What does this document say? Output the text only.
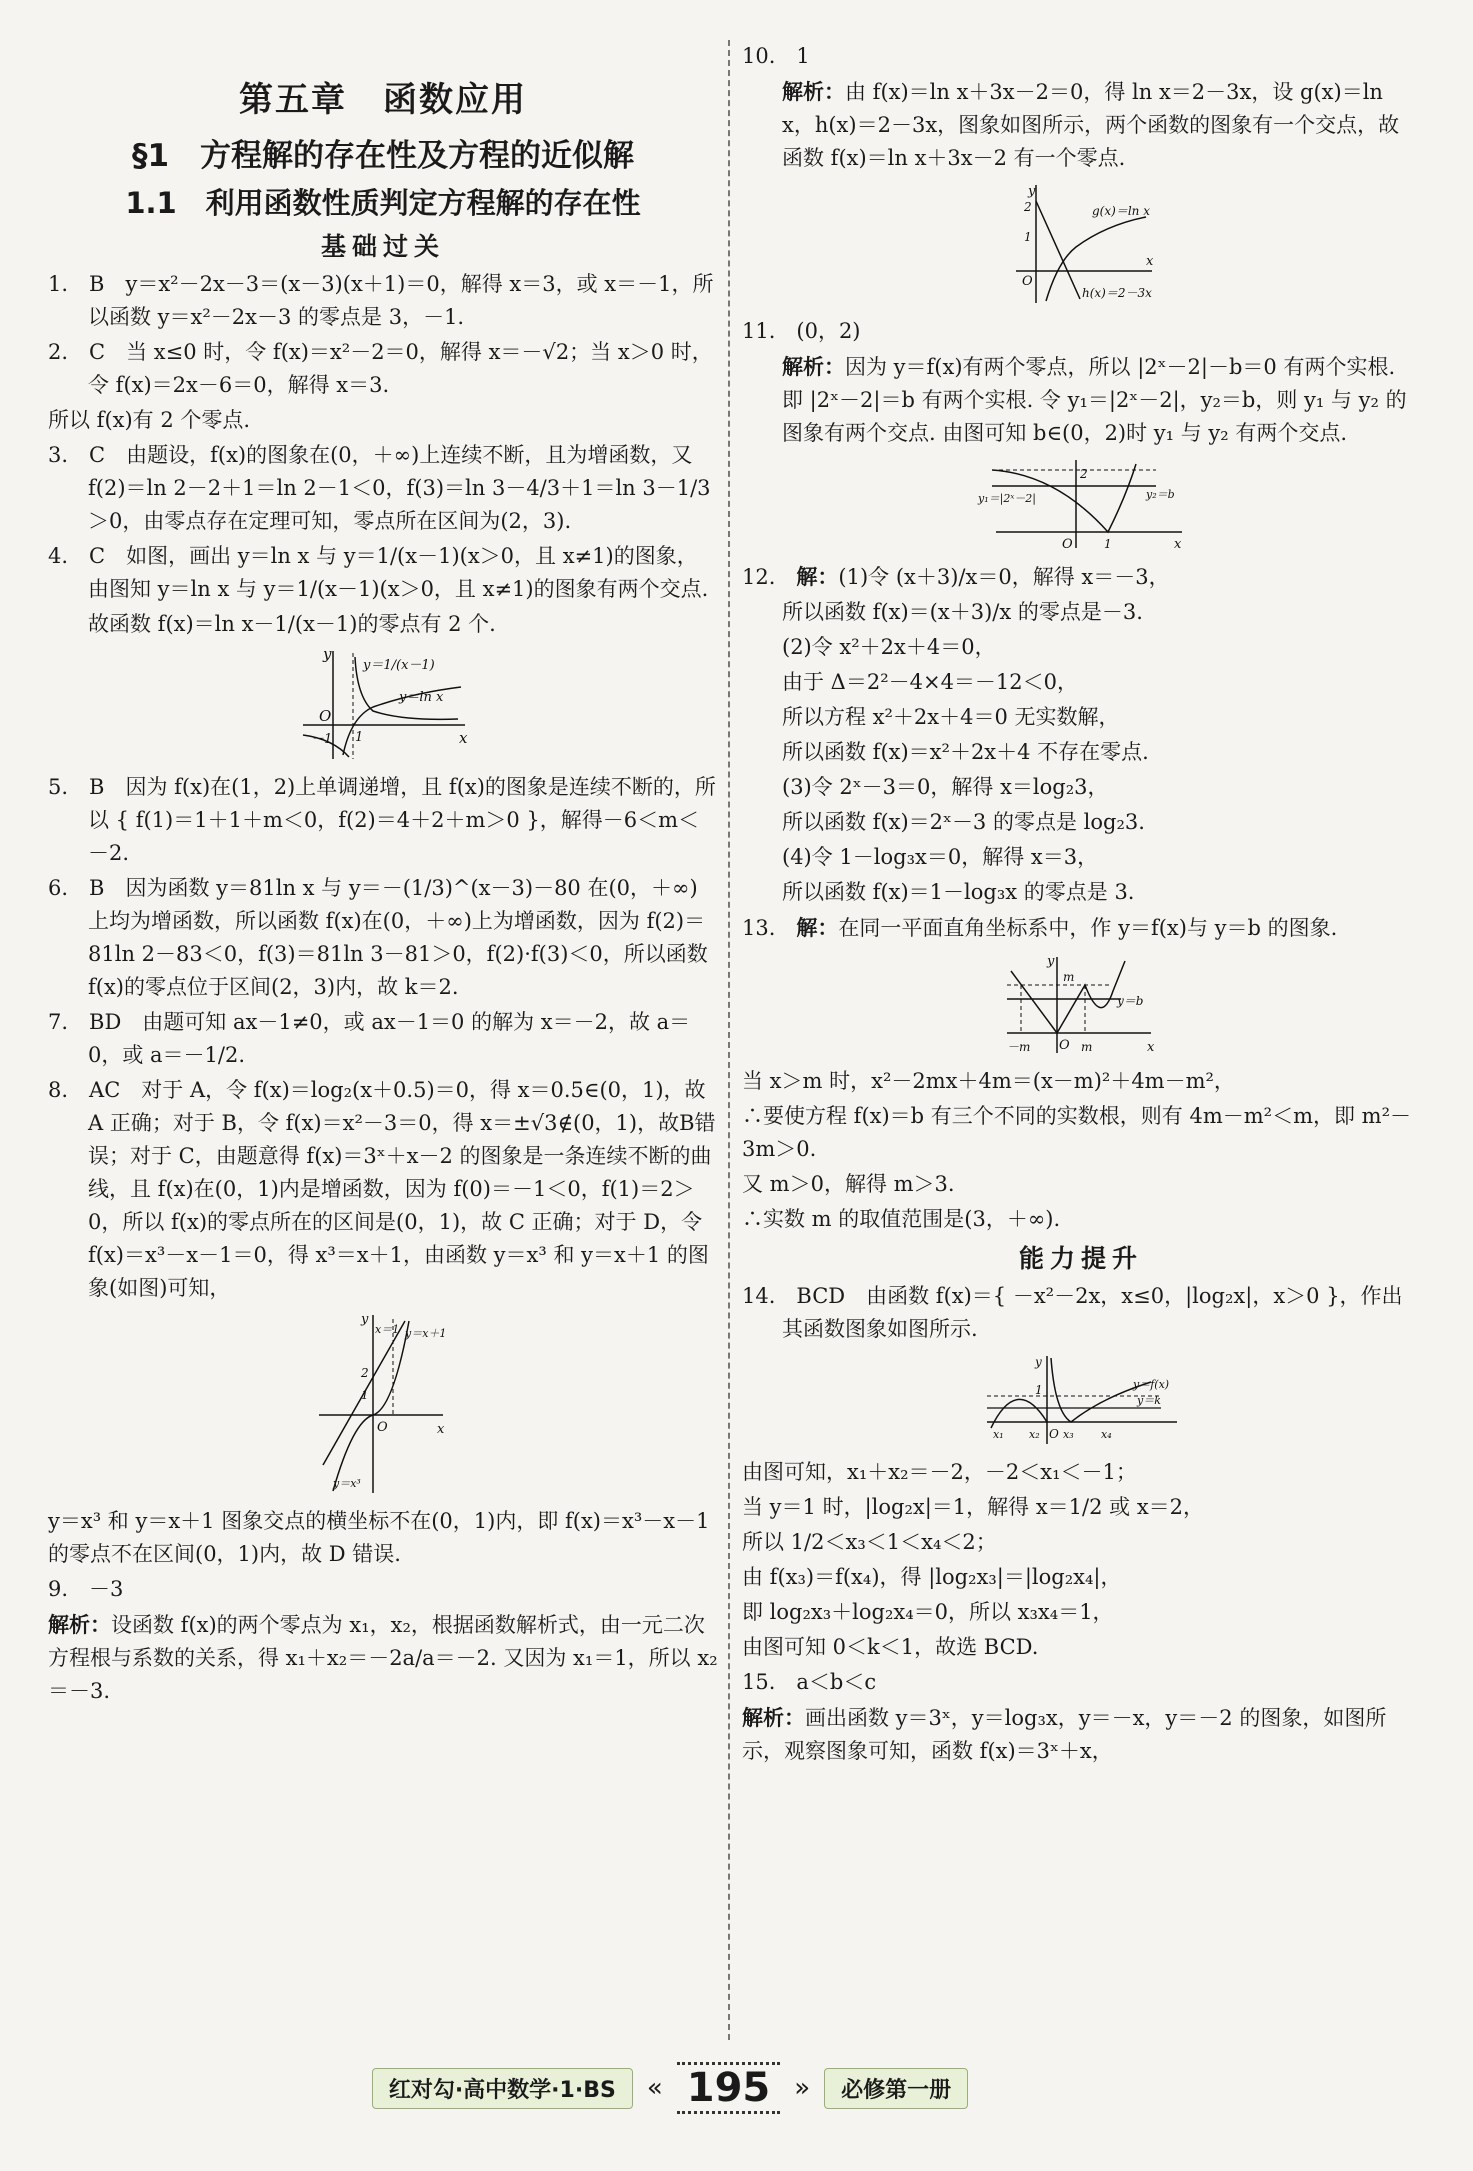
第五章　函数应用
§1　方程解的存在性及方程的近似解
1.1　利用函数性质判定方程解的存在性
基础过关

1.　B　y＝x²－2x－3＝(x－3)(x＋1)＝0，解得 x＝3，或 x＝－1，所以函数 y＝x²－2x－3 的零点是 3，－1.

2.　C　当 x≤0 时，令 f(x)＝x²－2＝0，解得 x＝－√2；当 x＞0 时，令 f(x)＝2x－6＝0，解得 x＝3.

所以 f(x)有 2 个零点.

3.　C　由题设，f(x)的图象在(0，＋∞)上连续不断，且为增函数，又 f(2)＝ln 2－2＋1＝ln 2－1＜0，f(3)＝ln 3－4/3＋1＝ln 3－1/3＞0，由零点存在定理可知，零点所在区间为(2，3).

4.　C　如图，画出 y＝ln x 与 y＝1/(x－1)(x＞0，且 x≠1)的图象，由图知 y＝ln x 与 y＝1/(x－1)(x＞0，且 x≠1)的图象有两个交点.

故函数 f(x)＝ln x－1/(x－1)的零点有 2 个.

y
x
O
－1 1
y＝1/(x－1)
y＝ln x

5.　B　因为 f(x)在(1，2)上单调递增，且 f(x)的图象是连续不断的，所以 { f(1)＝1＋1＋m＜0，f(2)＝4＋2＋m＞0 }，解得－6＜m＜－2.

6.　B　因为函数 y＝81ln x 与 y＝－(1/3)^(x－3)－80 在(0，＋∞)上均为增函数，所以函数 f(x)在(0，＋∞)上为增函数，因为 f(2)＝81ln 2－83＜0，f(3)＝81ln 3－81＞0，f(2)·f(3)＜0，所以函数 f(x)的零点位于区间(2，3)内，故 k＝2.

7.　BD　由题可知 ax－1≠0，或 ax－1＝0 的解为 x＝－2，故 a＝0，或 a＝－1/2.

8.　AC　对于 A，令 f(x)＝log₂(x＋0.5)＝0，得 x＝0.5∈(0，1)，故 A 正确；对于 B，令 f(x)＝x²－3＝0，得 x＝±√3∉(0，1)，故B错误；对于 C，由题意得 f(x)＝3ˣ＋x－2 的图象是一条连续不断的曲线，且 f(x)在(0，1)内是增函数，因为 f(0)＝－1＜0，f(1)＝2＞0，所以 f(x)的零点所在的区间是(0，1)，故 C 正确；对于 D，令 f(x)＝x³－x－1＝0，得 x³＝x＋1，由函数 y＝x³ 和 y＝x＋1 的图象(如图)可知，

y
x
O
1
2
x＝1 y＝x＋1
y＝x³

y＝x³ 和 y＝x＋1 图象交点的横坐标不在(0，1)内，即 f(x)＝x³－x－1 的零点不在区间(0，1)内，故 D 错误.

9.　－3

解析：设函数 f(x)的两个零点为 x₁，x₂，根据函数解析式，由一元二次方程根与系数的关系，得 x₁＋x₂＝－2a/a＝－2. 又因为 x₁＝1，所以 x₂＝－3.

10.　1

解析：由 f(x)＝ln x＋3x－2＝0，得 ln x＝2－3x，设 g(x)＝ln x，h(x)＝2－3x，图象如图所示，两个函数的图象有一个交点，故函数 f(x)＝ln x＋3x－2 有一个零点.

y
x
O
2
1
g(x)＝ln x
h(x)＝2－3x

11.　(0，2)

解析：因为 y＝f(x)有两个零点，所以 |2ˣ－2|－b＝0 有两个实根. 即 |2ˣ－2|＝b 有两个实根. 令 y₁＝|2ˣ－2|，y₂＝b，则 y₁ 与 y₂ 的图象有两个交点. 由图可知 b∈(0，2)时 y₁ 与 y₂ 有两个交点.

x
O	1
2
y₁＝|2ˣ－2|	y₂＝b

12.　解：(1)令 (x＋3)/x＝0，解得 x＝－3，

所以函数 f(x)＝(x＋3)/x 的零点是－3.

(2)令 x²＋2x＋4＝0，

由于 Δ＝2²－4×4＝－12＜0，

所以方程 x²＋2x＋4＝0 无实数解，

所以函数 f(x)＝x²＋2x＋4 不存在零点.

(3)令 2ˣ－3＝0，解得 x＝log₂3，

所以函数 f(x)＝2ˣ－3 的零点是 log₂3.

(4)令 1－log₃x＝0，解得 x＝3，

所以函数 f(x)＝1－log₃x 的零点是 3.

13.　解：在同一平面直角坐标系中，作 y＝f(x)与 y＝b 的图象.

y
x
O
－m	m
m
y＝b

当 x＞m 时，x²－2mx＋4m＝(x－m)²＋4m－m²，

∴要使方程 f(x)＝b 有三个不同的实数根，则有 4m－m²＜m，即 m²－3m＞0.

又 m＞0，解得 m＞3.

∴实数 m 的取值范围是(3，＋∞).

能力提升

14.　BCD　由函数 f(x)＝{ －x²－2x，x≤0，|log₂x|，x＞0 }，作出其函数图象如图所示.

y
1
O
x₁ x₂ x₃ x₄
y＝f(x)
y＝k

由图可知，x₁＋x₂＝－2，－2＜x₁＜－1；

当 y＝1 时，|log₂x|＝1，解得 x＝1/2 或 x＝2，

所以 1/2＜x₃＜1＜x₄＜2；

由 f(x₃)＝f(x₄)，得 |log₂x₃|＝|log₂x₄|，

即 log₂x₃＋log₂x₄＝0，所以 x₃x₄＝1，

由图可知 0＜k＜1，故选 BCD.

15.　a＜b＜c

解析：画出函数 y＝3ˣ，y＝log₃x，y＝－x，y＝－2 的图象，如图所示，观察图象可知，函数 f(x)＝3ˣ＋x，

红对勾·高中数学·1·BS	« 195 »	必修第一册
